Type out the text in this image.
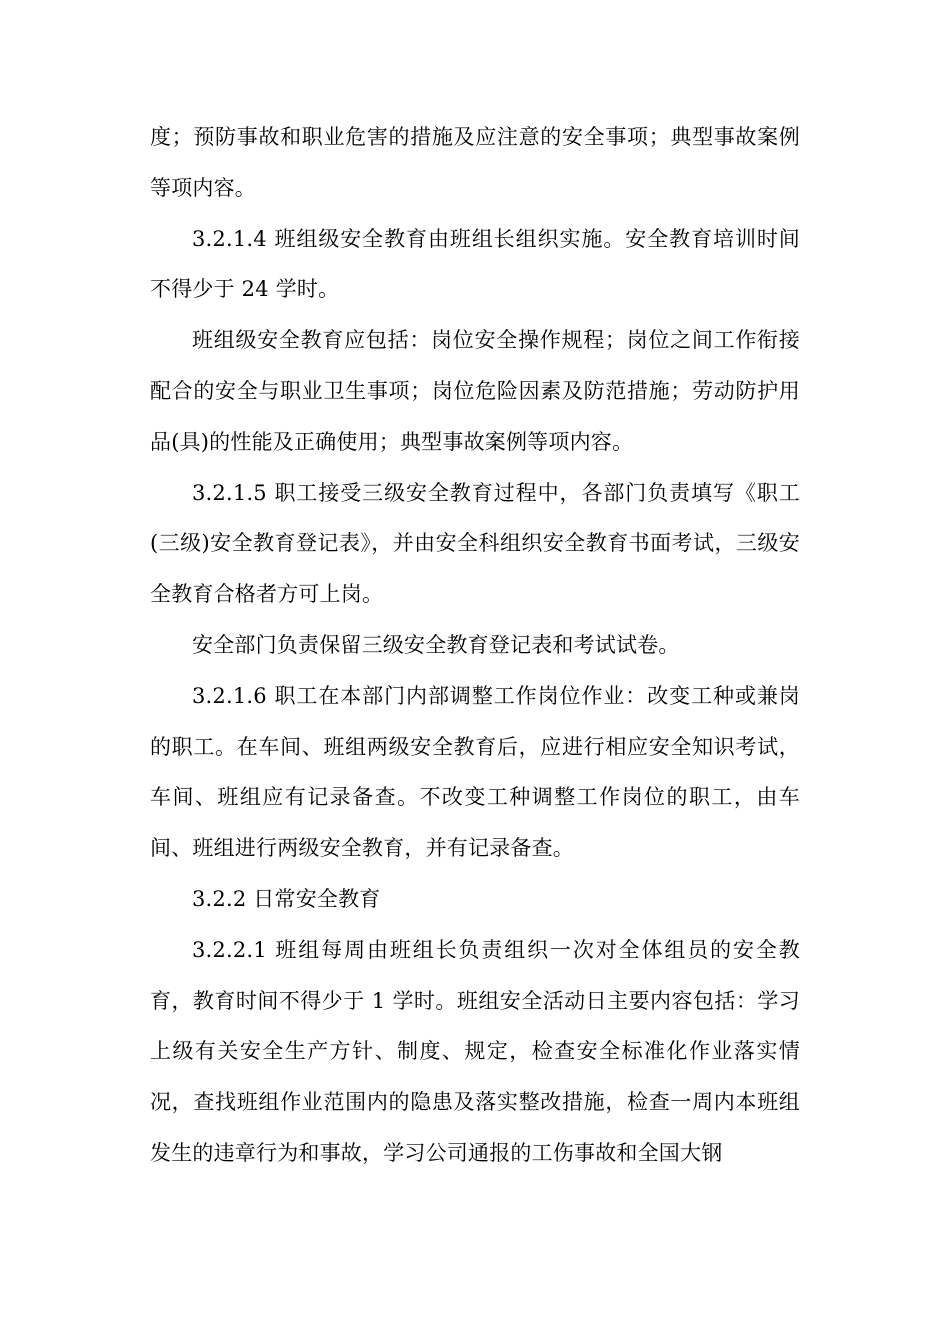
度；预防事故和职业危害的措施及应注意的安全事项；典型事故案例等项内容。

3.2.1.4 班组级安全教育由班组长组织实施。安全教育培训时间不得少于 24 学时。

班组级安全教育应包括：岗位安全操作规程；岗位之间工作衔接配合的安全与职业卫生事项；岗位危险因素及防范措施；劳动防护用品(具)的性能及正确使用；典型事故案例等项内容。

3.2.1.5 职工接受三级安全教育过程中，各部门负责填写《职工(三级)安全教育登记表》，并由安全科组织安全教育书面考试，三级安全教育合格者方可上岗。

安全部门负责保留三级安全教育登记表和考试试卷。

3.2.1.6 职工在本部门内部调整工作岗位作业：改变工种或兼岗的职工。在车间、班组两级安全教育后，应进行相应安全知识考试，车间、班组应有记录备查。不改变工种调整工作岗位的职工，由车间、班组进行两级安全教育，并有记录备查。

3.2.2 日常安全教育

3.2.2.1 班组每周由班组长负责组织一次对全体组员的安全教育，教育时间不得少于 1 学时。班组安全活动日主要内容包括：学习上级有关安全生产方针、制度、规定，检查安全标准化作业落实情况，查找班组作业范围内的隐患及落实整改措施，检查一周内本班组发生的违章行为和事故，学习公司通报的工伤事故和全国大钢
